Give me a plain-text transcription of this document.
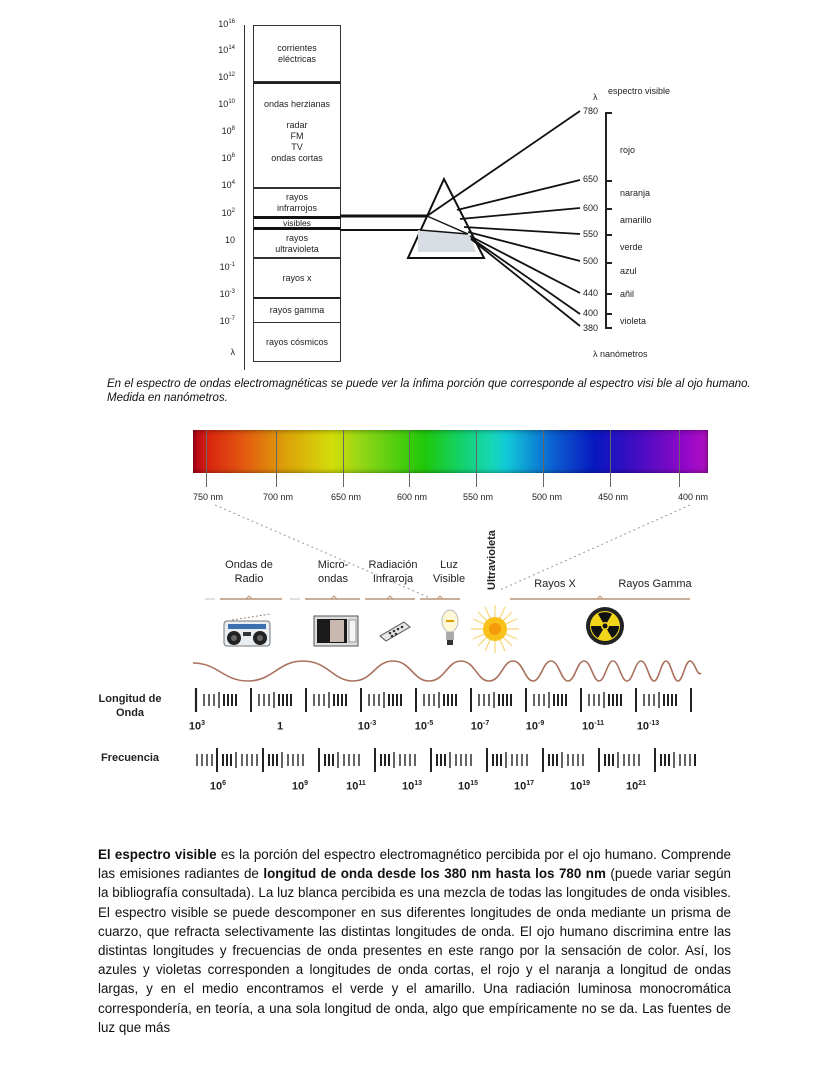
$10^{16}$
$10^{14}$
$10^{12}$
$10^{10}$
$10^8$
$10^6$
$10^4$
$10^2$
10
$10^{-1}$
$10^{-3}$
$10^{-7}$
λ
corrientes
eléctricas
ondas herzianas
radar
FM
TV
ondas cortas
rayos
infrarrojos
visibles
rayos
ultravioleta
rayos x
rayos gamma
rayos cósmicos
λ
espectro visible
780
650
600
550
500
440
400
380
rojo
naranja
amarillo
verde
azul
añil
violeta
λ nanómetros
En el espectro de ondas electromagnéticas se puede ver la ínfima porción que corresponde al espectro visi ble al ojo humano. Medida en nanómetros.
750 nm	700 nm	650 nm	600 nm	550 nm	500 nm	450 nm	400 nm
Ondas de
Radio
Micro-
ondas
Radiación
Infraroja
Luz
Visible Ultravioleta	Rayos X	Rayos Gamma
Longitud de
Onda
$10^3$	1	$10^{-3}$	$10^{-5}$	$10^{-7}$	$10^{-9}$	$10^{-11}$	$10^{-13}$
Frecuencia
$10^6$	$10^9$	$10^{11}$	$10^{13}$	$10^{15}$	$10^{17}$	$10^{19}$	$10^{21}$

El espectro visible es la porción del espectro electromagnético percibida por el ojo humano. Comprende las emisiones radiantes de longitud de onda desde los 380 nm hasta los 780 nm (puede variar según la bibliografía consultada). La luz blanca percibida es una mezcla de todas las longitudes de onda visibles. El espectro visible se puede descomponer en sus diferentes longitudes de onda mediante un prisma de cuarzo, que refracta selectivamente las distintas longitudes de onda. El ojo humano discrimina entre las distintas longitudes y frecuencias de onda presentes en este rango por la sensación de color. Así, los azules y violetas corresponden a longitudes de onda cortas, el rojo y el naranja a longitud de ondas largas, y en el medio encontramos el verde y el amarillo. Una radiación luminosa monocromática correspondería, en teoría, a una sola longitud de onda, algo que empíricamente no se da. Las fuentes de luz que más
